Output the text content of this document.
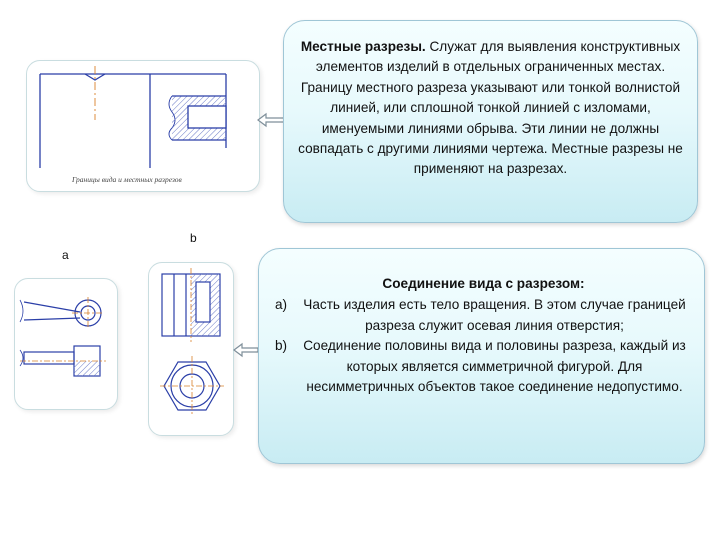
Границы вида и местных разрезов
а
b
Местные разрезы. Служат для выявления конструктивных элементов изделий в отдельных ограниченных местах. Границу местного разреза указывают или тонкой волнистой линией, или сплошной тонкой линией с изломами, именуемыми линиями обрыва. Эти линии не должны совпадать с другими линиями чертежа. Местные разрезы не применяют на разрезах.
Соединение вида с разрезом:
a)	Часть изделия есть тело вращения. В этом случае границей разреза служит осевая линия отверстия;
b)	Соединение половины вида и половины разреза, каждый из которых является симметричной фигурой. Для несимметричных объектов такое соединение недопустимо.
